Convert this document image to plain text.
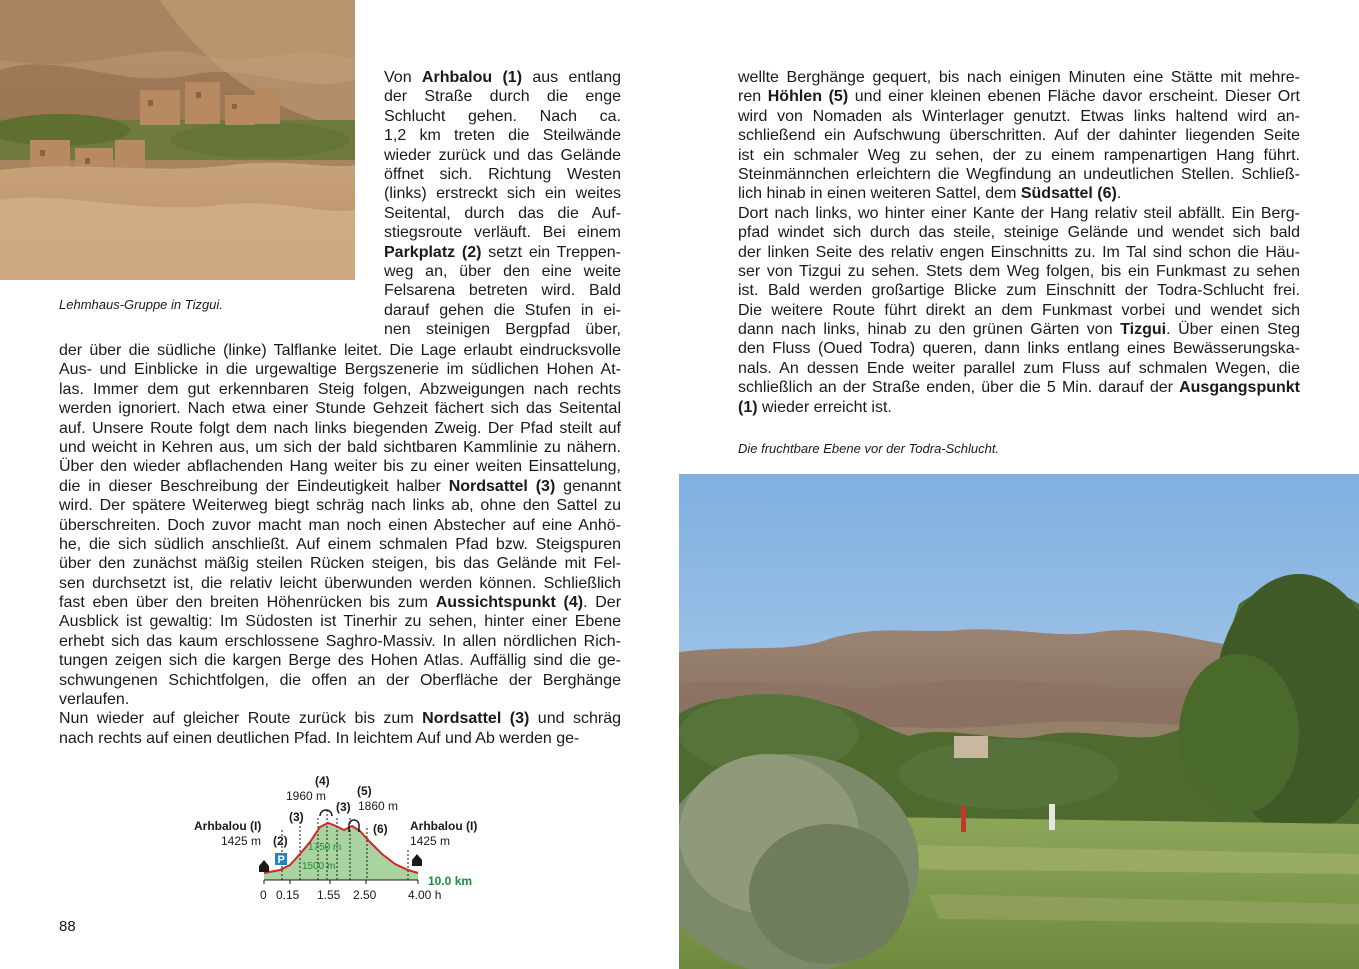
Lehmhaus-Gruppe in Tizgui.
Von Arhbalou (1) aus entlang
der Straße durch die enge
Schlucht gehen. Nach ca.
1,2 km treten die Steilwände
wieder zurück und das Gelände
öffnet sich. Richtung Westen
(links) erstreckt sich ein weites
Seitental, durch das die Auf-
stiegsroute verläuft. Bei einem
Parkplatz (2) setzt ein Treppen-
weg an, über den eine weite
Felsarena betreten wird. Bald
darauf gehen die Stufen in ei-
nen steinigen Bergpfad über,
der über die südliche (linke) Talflanke leitet. Die Lage erlaubt eindrucksvolle
Aus- und Einblicke in die urgewaltige Bergszenerie im südlichen Hohen At-
las. Immer dem gut erkennbaren Steig folgen, Abzweigungen nach rechts
werden ignoriert. Nach etwa einer Stunde Gehzeit fächert sich das Seitental
auf. Unsere Route folgt dem nach links biegenden Zweig. Der Pfad steilt auf
und weicht in Kehren aus, um sich der bald sichtbaren Kammlinie zu nähern.
Über den wieder abflachenden Hang weiter bis zu einer weiten Einsattelung,
die in dieser Beschreibung der Eindeutigkeit halber Nordsattel (3) genannt
wird. Der spätere Weiterweg biegt schräg nach links ab, ohne den Sattel zu
überschreiten. Doch zuvor macht man noch einen Abstecher auf eine Anhö-
he, die sich südlich anschließt. Auf einem schmalen Pfad bzw. Steigspuren
über den zunächst mäßig steilen Rücken steigen, bis das Gelände mit Fel-
sen durchsetzt ist, die relativ leicht überwunden werden können. Schließlich
fast eben über den breiten Höhenrücken bis zum Aussichtspunkt (4). Der
Ausblick ist gewaltig: Im Südosten ist Tinerhir zu sehen, hinter einer Ebene
erhebt sich das kaum erschlossene Saghro-Massiv. In allen nördlichen Rich-
tungen zeigen sich die kargen Berge des Hohen Atlas. Auffällig sind die ge-
schwungenen Schichtfolgen, die offen an der Oberfläche der Berghänge
verlaufen.
Nun wieder auf gleicher Route zurück bis zum Nordsattel (3) und schräg
nach rechts auf einen deutlichen Pfad. In leichtem Auf und Ab werden ge-
P
Arhbalou (I)
1425 m (2)
(3)
(4)
1960 m
(3)
(5)
1860 m
(6) Arhbalou (I)
1425 m
1750 m
1500 m
10.0 km
0 0.15 1.55 2.50	4.00 h
88
wellte Berghänge gequert, bis nach einigen Minuten eine Stätte mit mehre-
ren Höhlen (5) und einer kleinen ebenen Fläche davor erscheint. Dieser Ort
wird von Nomaden als Winterlager genutzt. Etwas links haltend wird an-
schließend ein Aufschwung überschritten. Auf der dahinter liegenden Seite
ist ein schmaler Weg zu sehen, der zu einem rampenartigen Hang führt.
Steinmännchen erleichtern die Wegfindung an undeutlichen Stellen. Schließ-
lich hinab in einen weiteren Sattel, dem Südsattel (6).
Dort nach links, wo hinter einer Kante der Hang relativ steil abfällt. Ein Berg-
pfad windet sich durch das steile, steinige Gelände und wendet sich bald
der linken Seite des relativ engen Einschnitts zu. Im Tal sind schon die Häu-
ser von Tizgui zu sehen. Stets dem Weg folgen, bis ein Funkmast zu sehen
ist. Bald werden großartige Blicke zum Einschnitt der Todra-Schlucht frei.
Die weitere Route führt direkt an dem Funkmast vorbei und wendet sich
dann nach links, hinab zu den grünen Gärten von Tizgui. Über einen Steg
den Fluss (Oued Todra) queren, dann links entlang eines Bewässerungska-
nals. An dessen Ende weiter parallel zum Fluss auf schmalen Wegen, die
schließlich an der Straße enden, über die 5 Min. darauf der Ausgangspunkt
(1) wieder erreicht ist.
Die fruchtbare Ebene vor der Todra-Schlucht.
